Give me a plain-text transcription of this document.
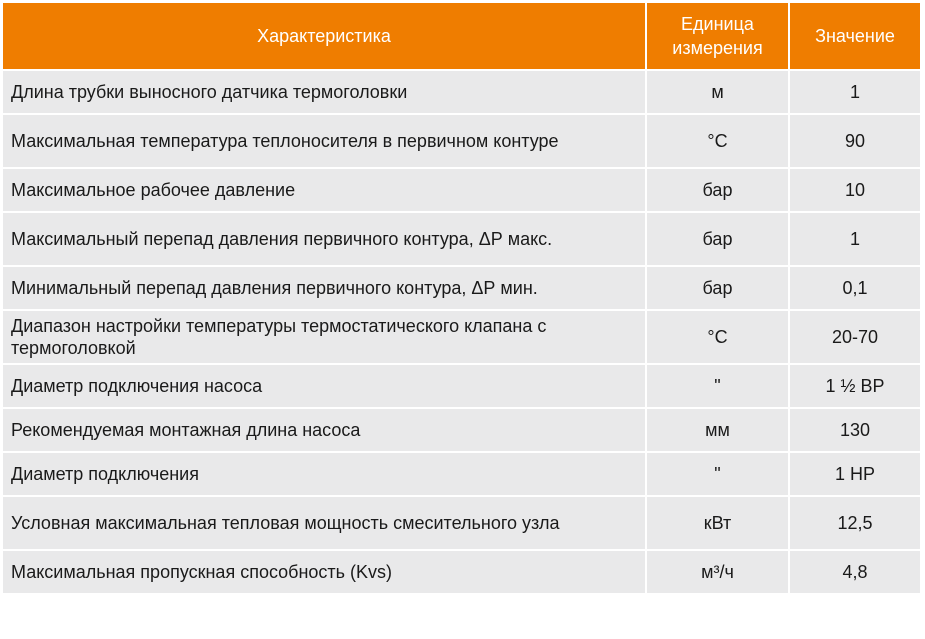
Характеристика	Единица измерения	Значение
Длина трубки выносного датчика термоголовки	м	1
Максимальная температура теплоносителя в первичном контуре	°C	90
Максимальное рабочее давление	бар	10
Максимальный перепад давления первичного контура, ΔР макс.	бар	1
Минимальный перепад давления первичного контура, ΔР мин.	бар	0,1
Диапазон настройки температуры термостатического клапана с термоголовкой	°C	20-70
Диаметр подключения насоса	"	1 ½ ВР
Рекомендуемая монтажная длина насоса	мм	130
Диаметр подключения	"	1 НР
Условная максимальная тепловая мощность смесительного узла	кВт	12,5
Максимальная пропускная способность (Kvs)	м³/ч	4,8
